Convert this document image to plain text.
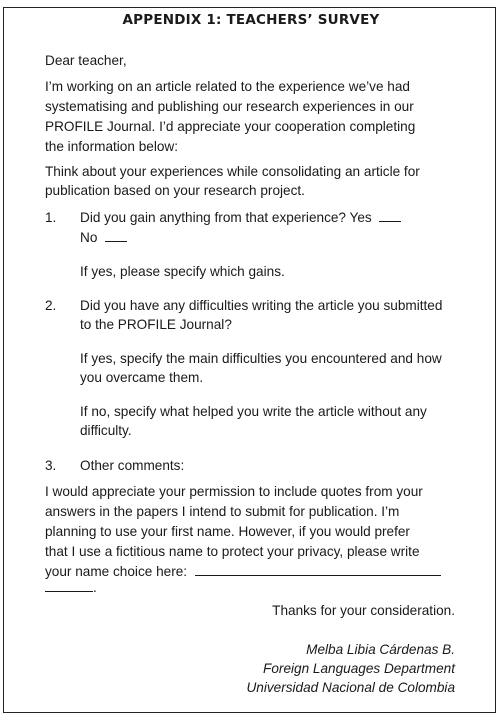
APPENDIX 1: TEACHERS’ SURVEY
Dear teacher,
I’m working on an article related to the experience we’ve had
systematising and publishing our research experiences in our
PROFILE Journal. I’d appreciate your cooperation completing
the information below:
Think about your experiences while consolidating an article for
publication based on your research project.
1. Did you gain anything from that experience? Yes
No
If yes, please specify which gains.
2. Did you have any difficulties writing the article you submitted
to the PROFILE Journal?
If yes, specify the main difficulties you encountered and how
you overcame them.
If no, specify what helped you write the article without any
difficulty.
3. Other comments:
I would appreciate your permission to include quotes from your
answers in the papers I intend to submit for publication. I’m
planning to use your first name. However, if you would prefer
that I use a fictitious name to protect your privacy, please write
your name choice here:
.
Thanks for your consideration.
Melba Libia Cárdenas B.
Foreign Languages Department
Universidad Nacional de Colombia
